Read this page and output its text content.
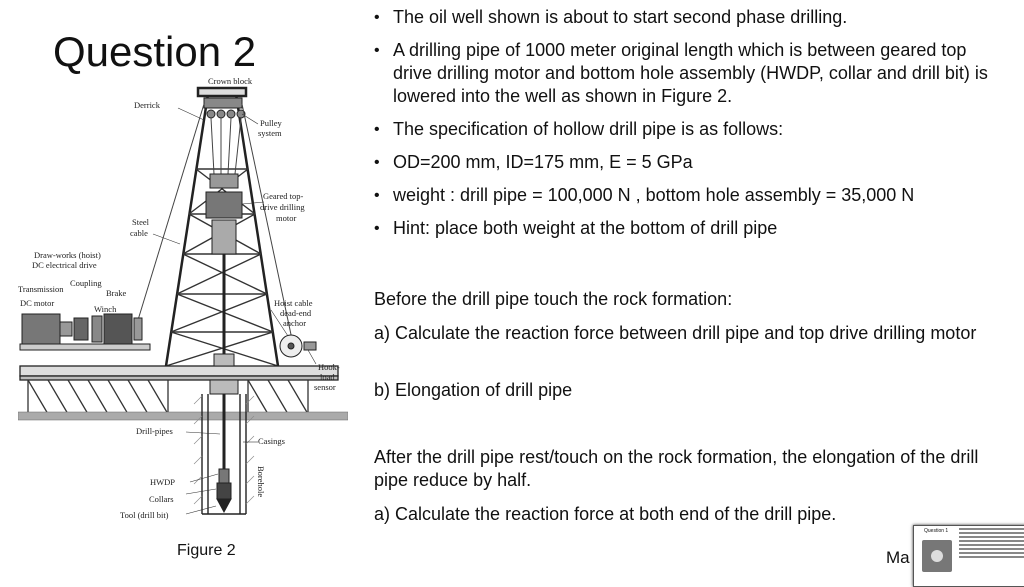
Question 2
Crown block
Derrick
Pulley
system
Geared top-
drive drilling
motor
Steel
cable
Draw-works (hoist)
DC electrical drive
Coupling
Transmission	Brake
DC motor
Winch
Hoist cable
dead-end
anchor
Hook-
load
sensor
Drill-pipes
Casings
HWDP
Collars
Tool (drill bit)
Borehole
Figure 2
• The oil well shown is about to start second phase drilling.
• A drilling pipe of 1000 meter original length which is between geared top drive drilling motor and bottom hole assembly (HWDP, collar and drill bit) is lowered into the well as shown in Figure 2.
• The specification of hollow drill pipe is as follows:
• OD=200 mm, ID=175 mm, E = 5 GPa
• weight : drill pipe = 100,000 N , bottom hole assembly = 35,000 N
• Hint: place both weight at the bottom of drill pipe
Before the drill pipe touch the rock formation:
a) Calculate the reaction force between drill pipe and top drive drilling motor
b) Elongation of drill pipe
After the drill pipe rest/touch on the rock formation, the elongation of the drill pipe reduce by half.
a) Calculate the reaction force at both end of the drill pipe.
Ma
Question 1
